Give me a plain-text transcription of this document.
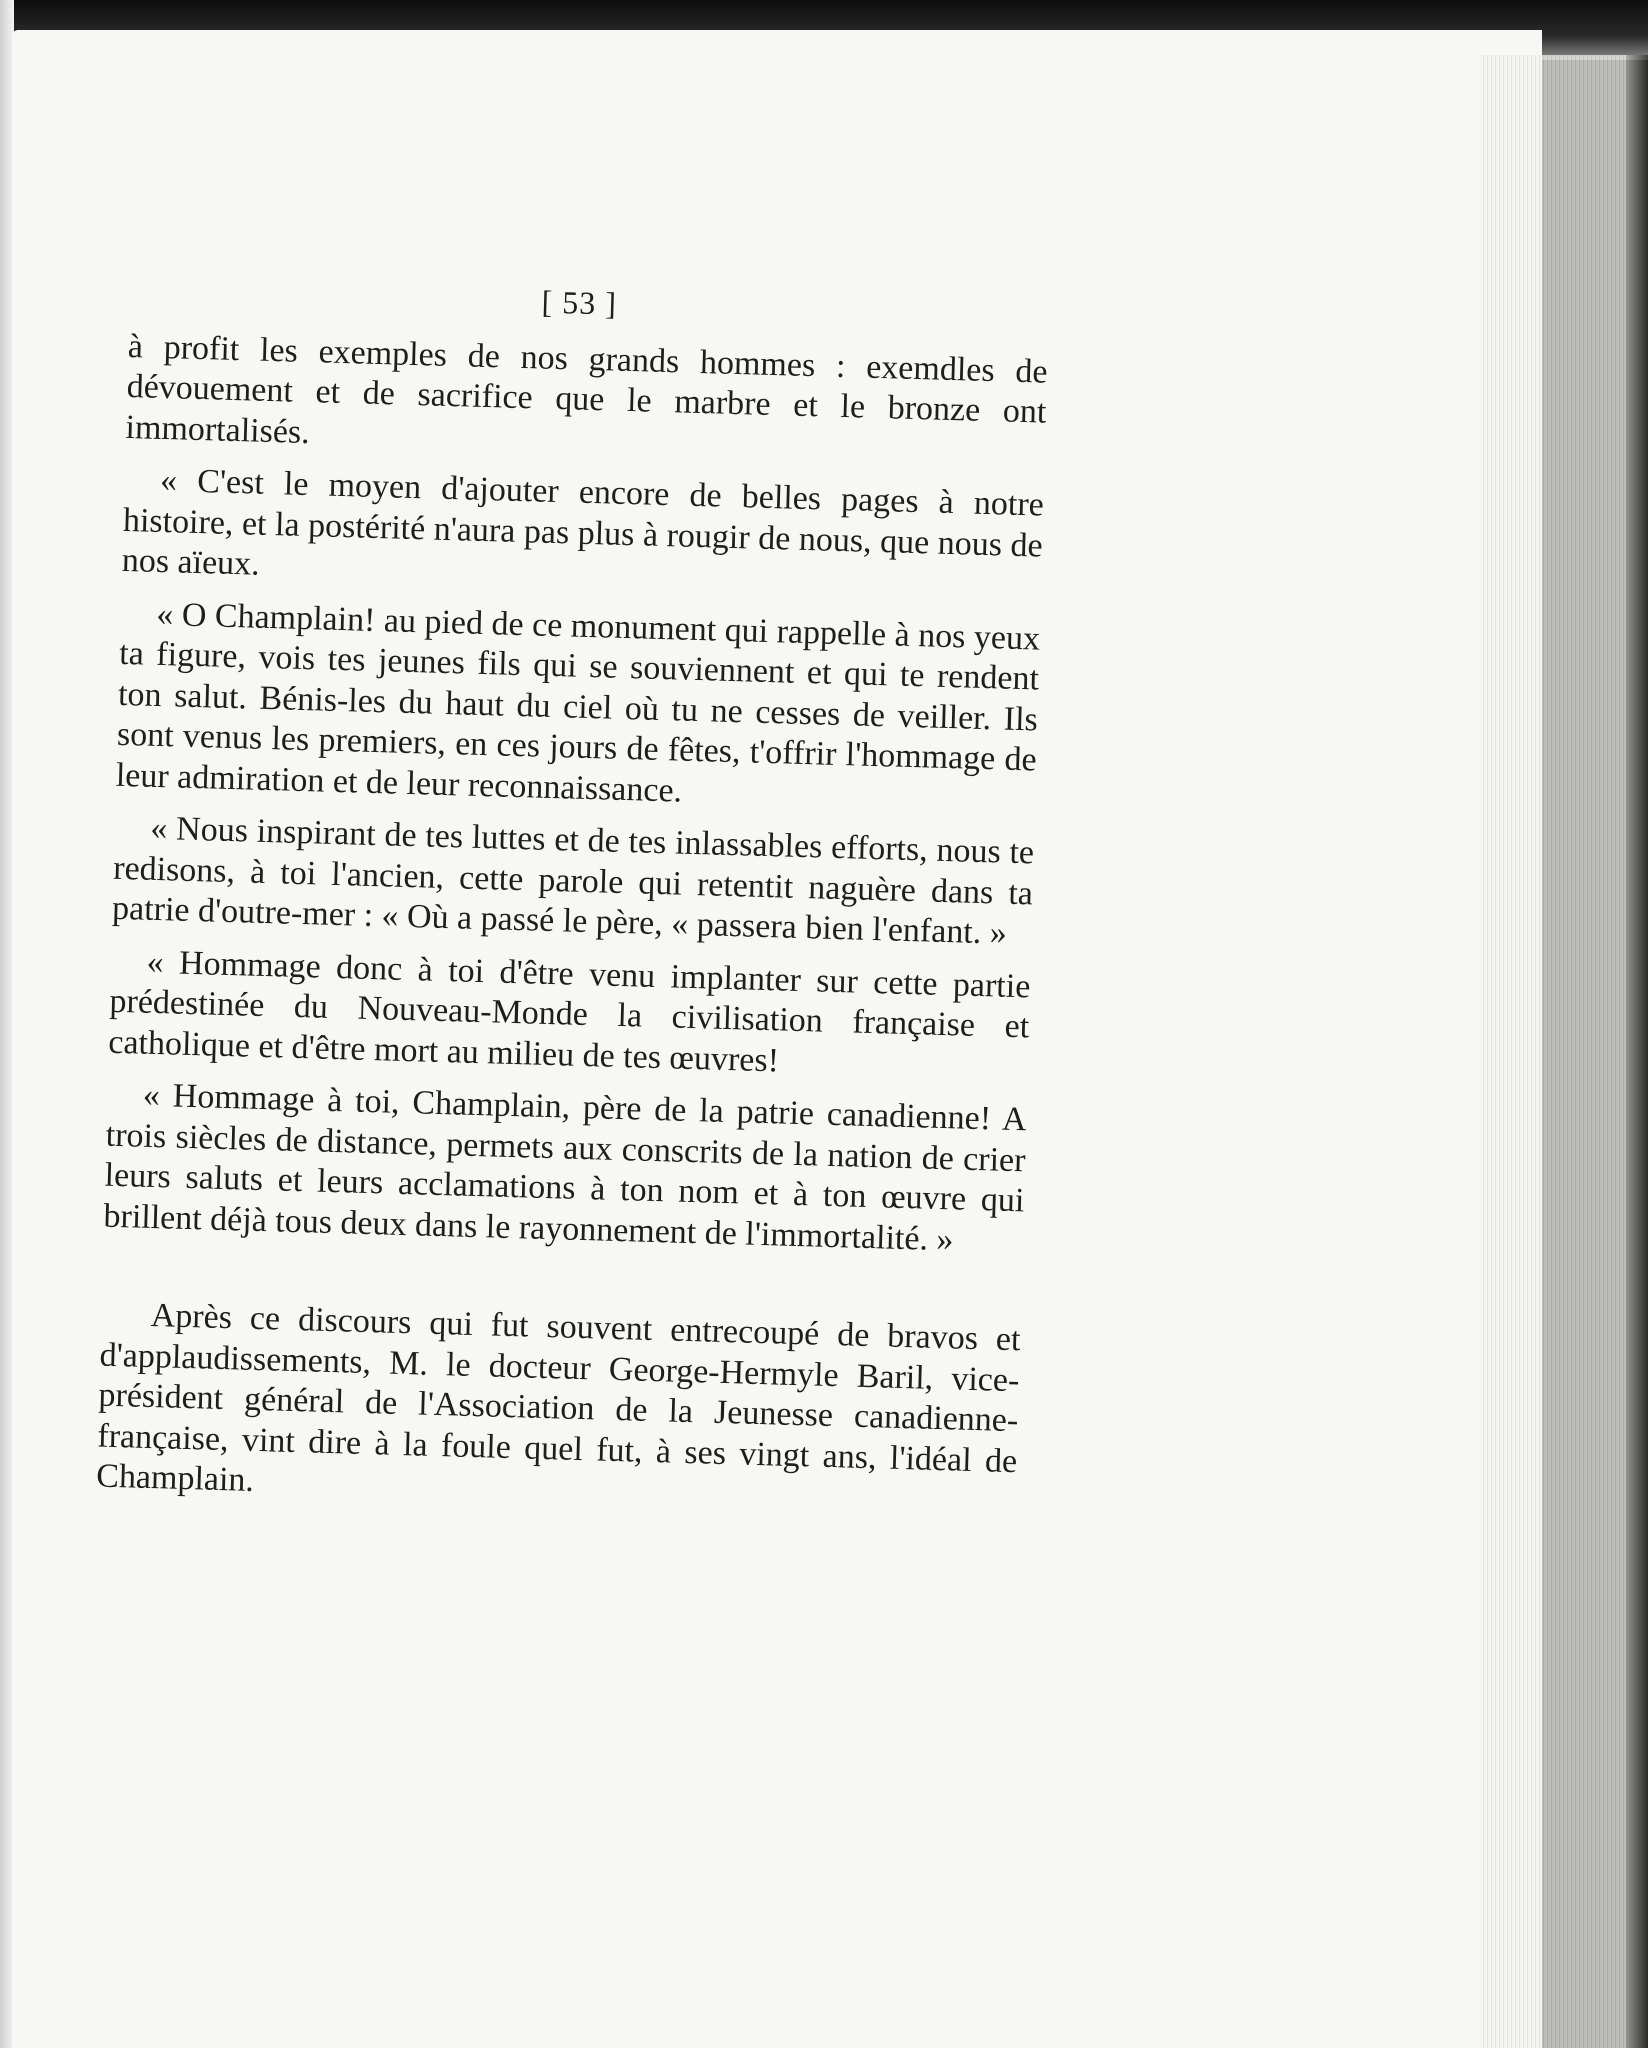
[ 53 ]

à profit les exemples de nos grands hommes : exemdles de dévouement et de sacrifice que le marbre et le bronze ont immortalisés.

« C'est le moyen d'ajouter encore de belles pages à notre histoire, et la postérité n'aura pas plus à rougir de nous, que nous de nos aïeux.

« O Champlain! au pied de ce monument qui rappelle à nos yeux ta figure, vois tes jeunes fils qui se souviennent et qui te rendent ton salut. Bénis-les du haut du ciel où tu ne cesses de veiller. Ils sont venus les premiers, en ces jours de fêtes, t'offrir l'hommage de leur admiration et de leur reconnaissance.

« Nous inspirant de tes luttes et de tes inlassables efforts, nous te redisons, à toi l'ancien, cette parole qui retentit naguère dans ta patrie d'outre-mer : « Où a passé le père, « passera bien l'enfant. »

« Hommage donc à toi d'être venu implanter sur cette partie prédestinée du Nouveau-Monde la civilisation française et catholique et d'être mort au milieu de tes œuvres!

« Hommage à toi, Champlain, père de la patrie canadienne! A trois siècles de distance, permets aux conscrits de la nation de crier leurs saluts et leurs acclamations à ton nom et à ton œuvre qui brillent déjà tous deux dans le rayonnement de l'immortalité. »

Après ce discours qui fut souvent entrecoupé de bravos et d'applaudissements, M. le docteur George-Hermyle Baril, vice-président général de l'Association de la Jeunesse canadienne-française, vint dire à la foule quel fut, à ses vingt ans, l'idéal de Champlain.
